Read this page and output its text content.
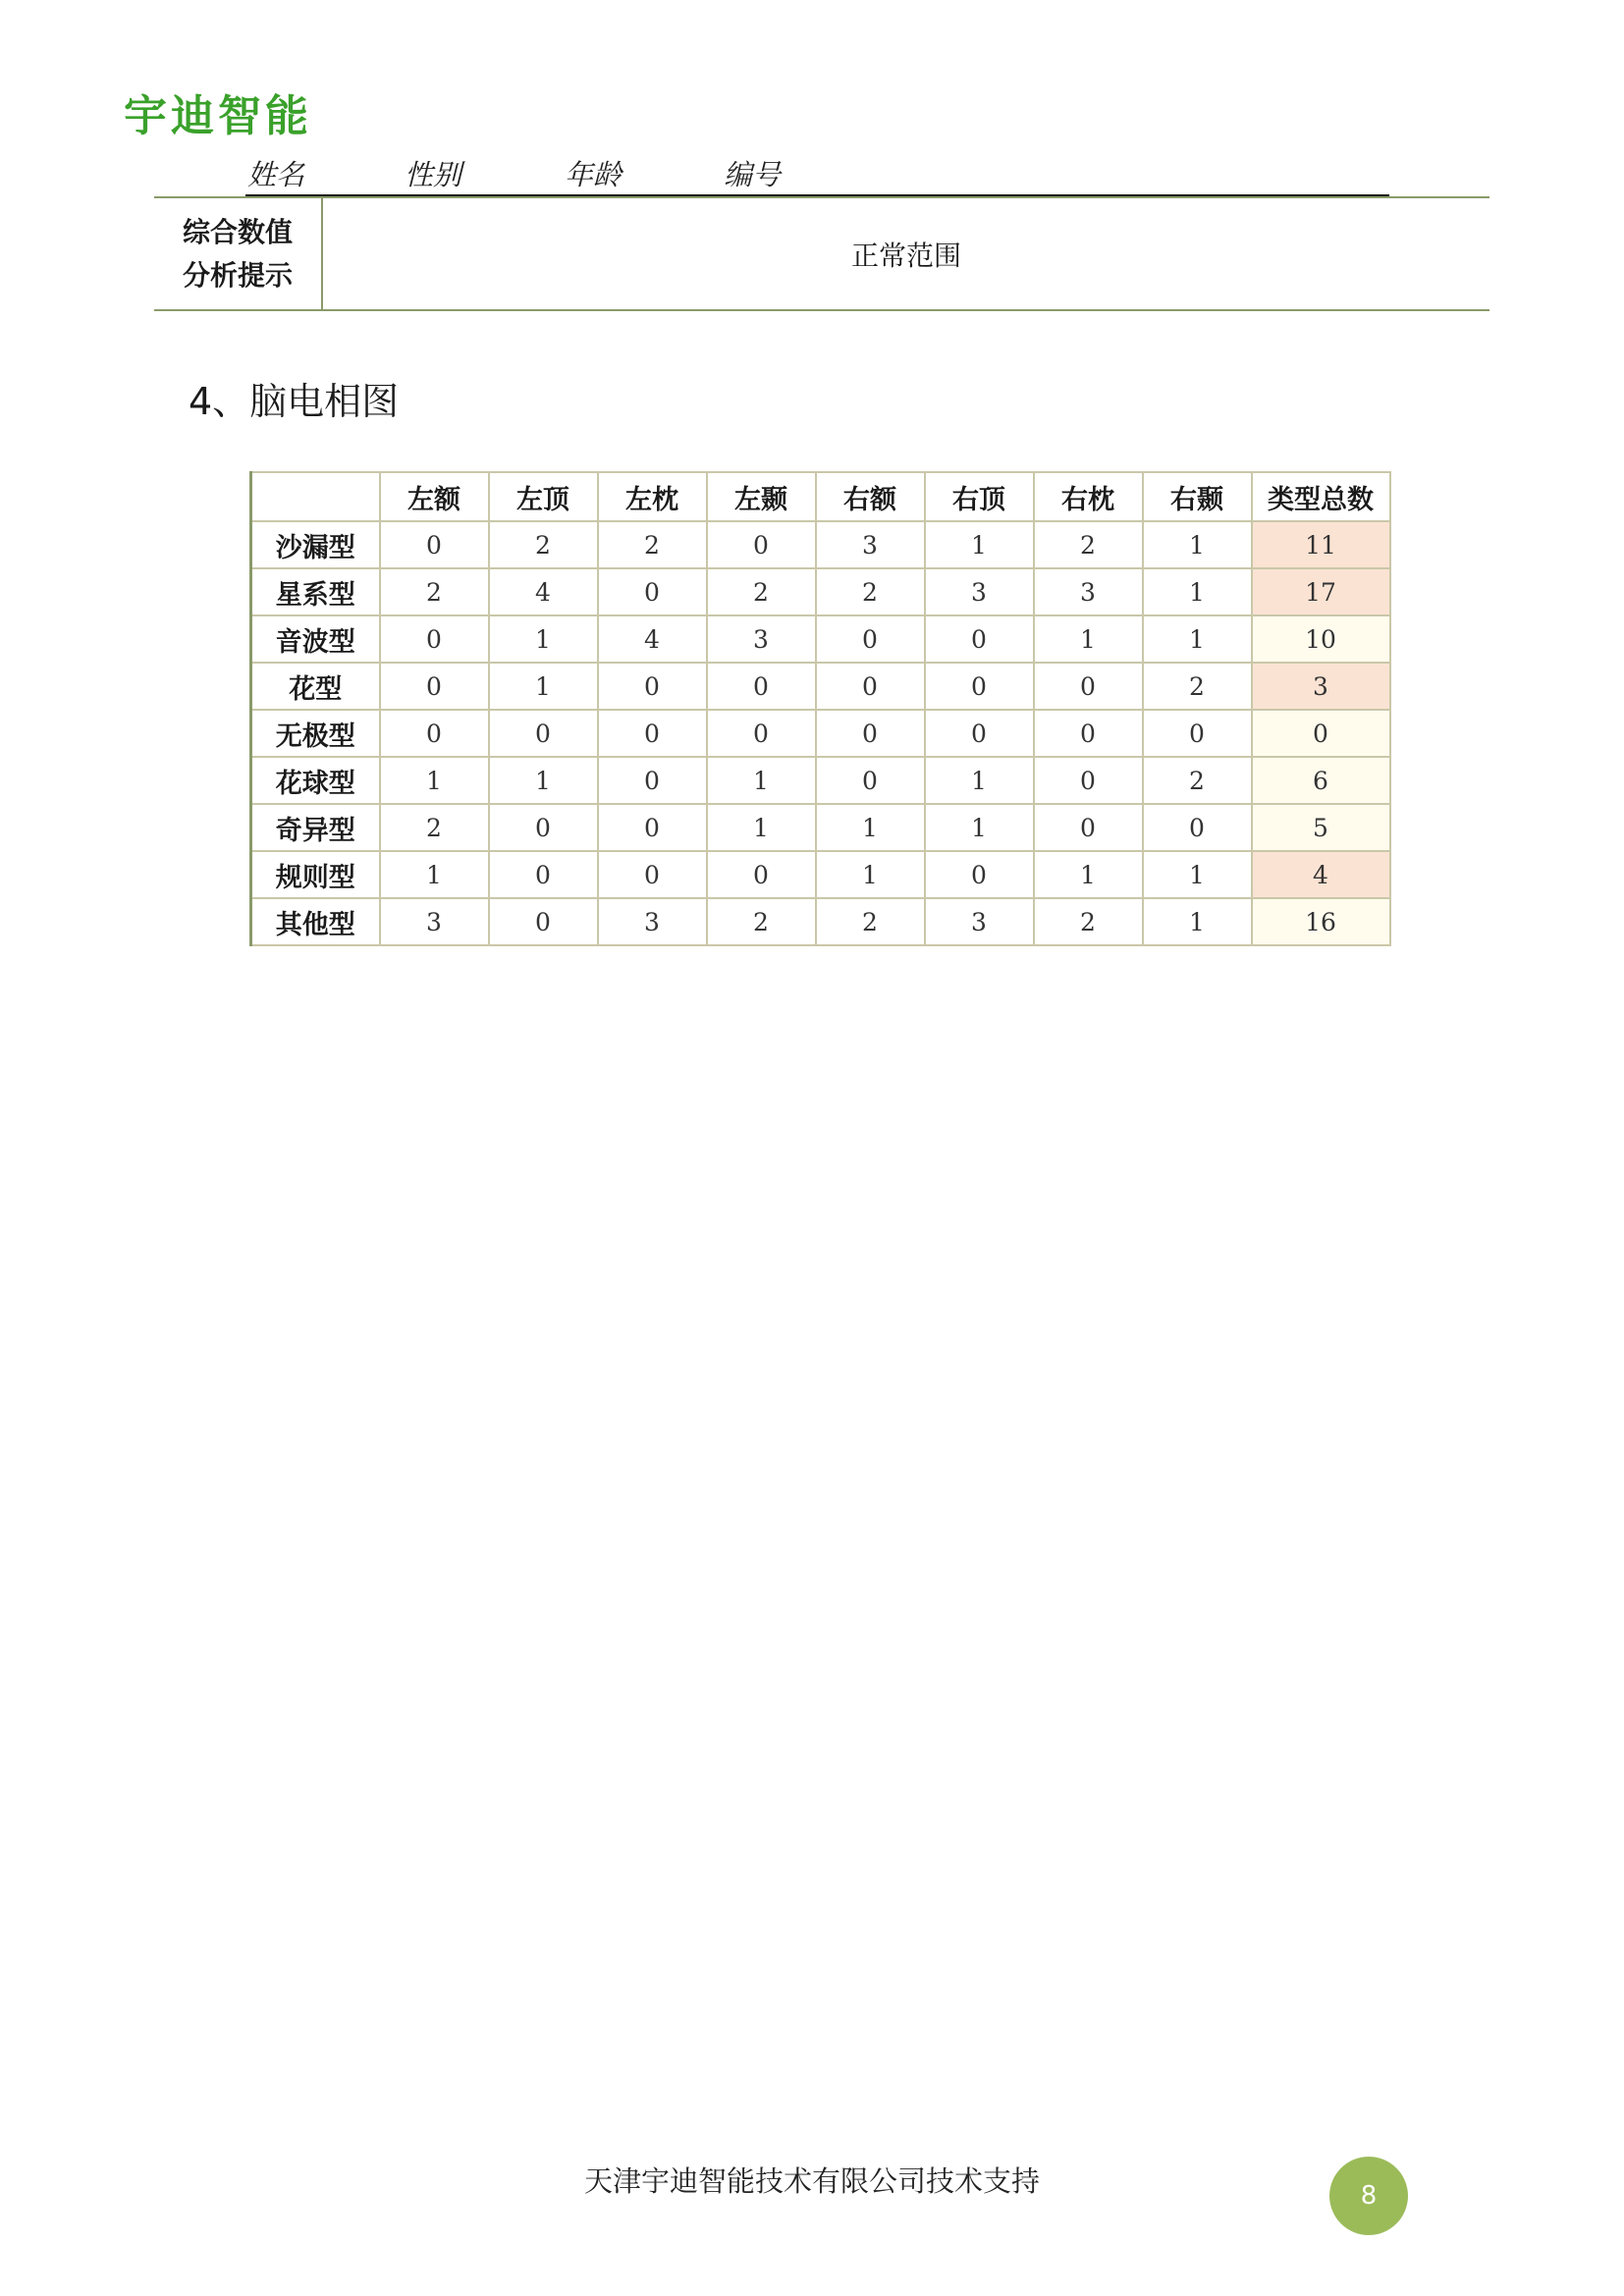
宇迪智能
姓名	性别	年龄	编号
综合数值
分析提示
正常范围
4、脑电相图
	左额	左顶	左枕	左颞	右额	右顶	右枕	右颞	类型总数
沙漏型	0	2	2	0	3	1	2	1	11
星系型	2	4	0	2	2	3	3	1	17
音波型	0	1	4	3	0	0	1	1	10
花型	0	1	0	0	0	0	0	2	3
无极型	0	0	0	0	0	0	0	0	0
花球型	1	1	0	1	0	1	0	2	6
奇异型	2	0	0	1	1	1	0	0	5
规则型	1	0	0	0	1	0	1	1	4
其他型	3	0	3	2	2	3	2	1	16
天津宇迪智能技术有限公司技术支持	8
